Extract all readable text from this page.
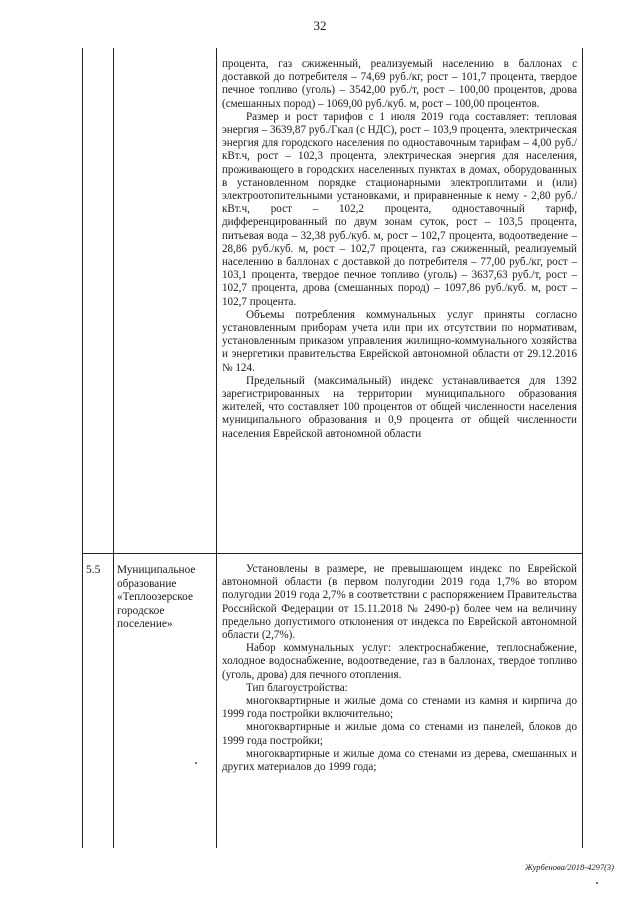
32

процента, газ сжиженный, реализуемый населению в баллонах с доставкой до потребителя – 74,69 руб./кг, рост – 101,7 процента, твердое печное топливо (уголь) – 3542,00 руб./т, рост – 100,00 процентов, дрова (смешанных пород) – 1069,00 руб./куб. м, рост – 100,00 процентов.

Размер и рост тарифов с 1 июля 2019 года составляет: тепловая энергия – 3639,87 руб./Гкал (с НДС), рост – 103,9 процента, электрическая энергия для городского населения по одноставочным тарифам – 4,00 руб./кВт.ч, рост – 102,3 процента, электрическая энергия для населения, проживающего в городских населенных пунктах в домах, оборудованных в установленном порядке стационарными электроплитами и (или) электроотопительными установками, и приравненные к нему - 2,80 руб./кВт.ч, рост – 102,2 процента, одноставочный тариф, дифференцированный по двум зонам суток, рост – 103,5 процента, питьевая вода – 32,38 руб./куб. м, рост – 102,7 процента, водоотведение –28,86 руб./куб. м, рост – 102,7 процента, газ сжиженный, реализуемый населению в баллонах с доставкой до потребителя – 77,00 руб./кг, рост – 103,1 процента, твердое печное топливо (уголь) – 3637,63 руб./т, рост – 102,7 процента, дрова (смешанных пород) – 1097,86 руб./куб. м, рост – 102,7 процента.

Объемы потребления коммунальных услуг приняты согласно установленным приборам учета или при их отсутствии по нормативам, установленным приказом управления жилищно-коммунального хозяйства и энергетики правительства Еврейской автономной области от 29.12.2016 № 124.

Предельный (максимальный) индекс устанавливается для 1392 зарегистрированных на территории муниципального образования жителей, что составляет 100 процентов от общей численности населения муниципального образования и 0,9 процента от общей численности населения Еврейской автономной области

5.5 Муниципальное
образование
«Теплоозерское
городское
поселение»

Установлены в размере, не превышающем индекс по Еврейской автономной области (в первом полугодии 2019 года 1,7% во втором полугодии 2019 года 2,7% в соответствии с распоряжением Правительства Российской Федерации от 15.11.2018 № 2490-р) более чем на величину предельно допустимого отклонения от индекса по Еврейской автономной области (2,7%).

Набор коммунальных услуг: электроснабжение, теплоснабжение, холодное водоснабжение, водоотведение, газ в баллонах, твердое топливо (уголь, дрова) для печного отопления.

Тип благоустройства:

многоквартирные и жилые дома со стенами из камня и кирпича до 1999 года постройки включительно;

многоквартирные и жилые дома со стенами из панелей, блоков до 1999 года постройки;

многоквартирные и жилые дома со стенами из дерева, смешанных и других материалов до 1999 года;

Журбенова/2018-4297(3)
